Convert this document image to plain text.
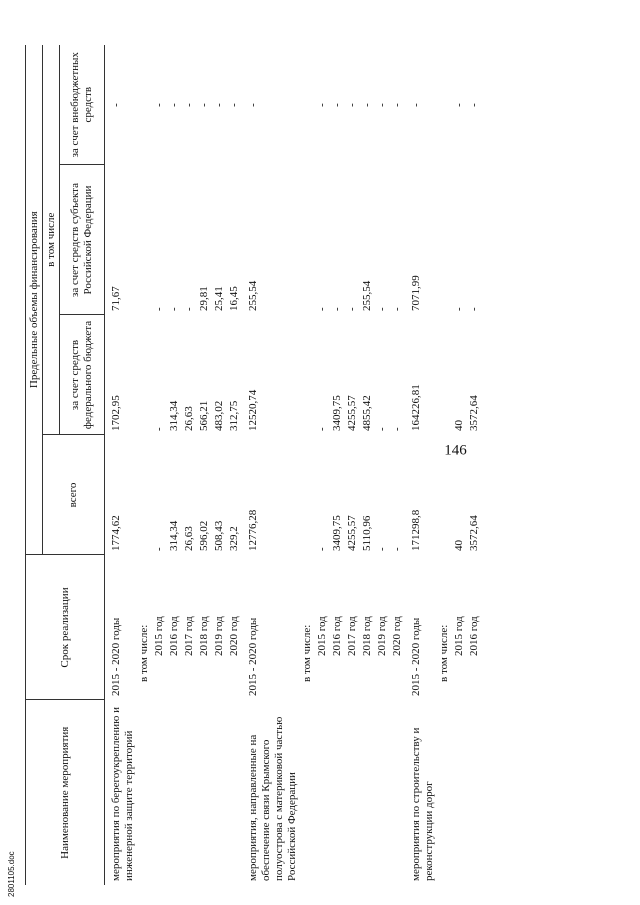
146
Наименование мероприятия	Срок реализации	Предельные объемы финансирования			
		всего	в том числе		
			за счет средств федерального бюджета	за счет средств субъекта Российской Федерации	за счет внебюджетных средств
мероприятия по берегоукреплению и инженерной защите территорий	2015 - 2020 годы	1774,62	1702,95	71,67	-
	в том числе:				
	2015 год	-	-	-	-
	2016 год	314,34	314,34	-	-
	2017 год	26,63	26,63	-	-
	2018 год	596,02	566,21	29,81	-
	2019 год	508,43	483,02	25,41	-
	2020 год	329,2	312,75	16,45	-
мероприятия, направленные на обеспечение связи Крымского полуострова с материковой частью Российской Федерации	2015 - 2020 годы	12776,28	12520,74	255,54	-
	в том числе:				
	2015 год	-	-	-	-
	2016 год	3409,75	3409,75	-	-
	2017 год	4255,57	4255,57	-	-
	2018 год	5110,96	4855,42	255,54	-
	2019 год	-	-	-	-
	2020 год	-	-	-	-
мероприятия по строительству и реконструкции дорог	2015 - 2020 годы	171298,8	164226,81	7071,99	-
	в том числе:				
	2015 год	40	40	-	-
	2016 год	3572,64	3572,64	-	-
2801105.doc
